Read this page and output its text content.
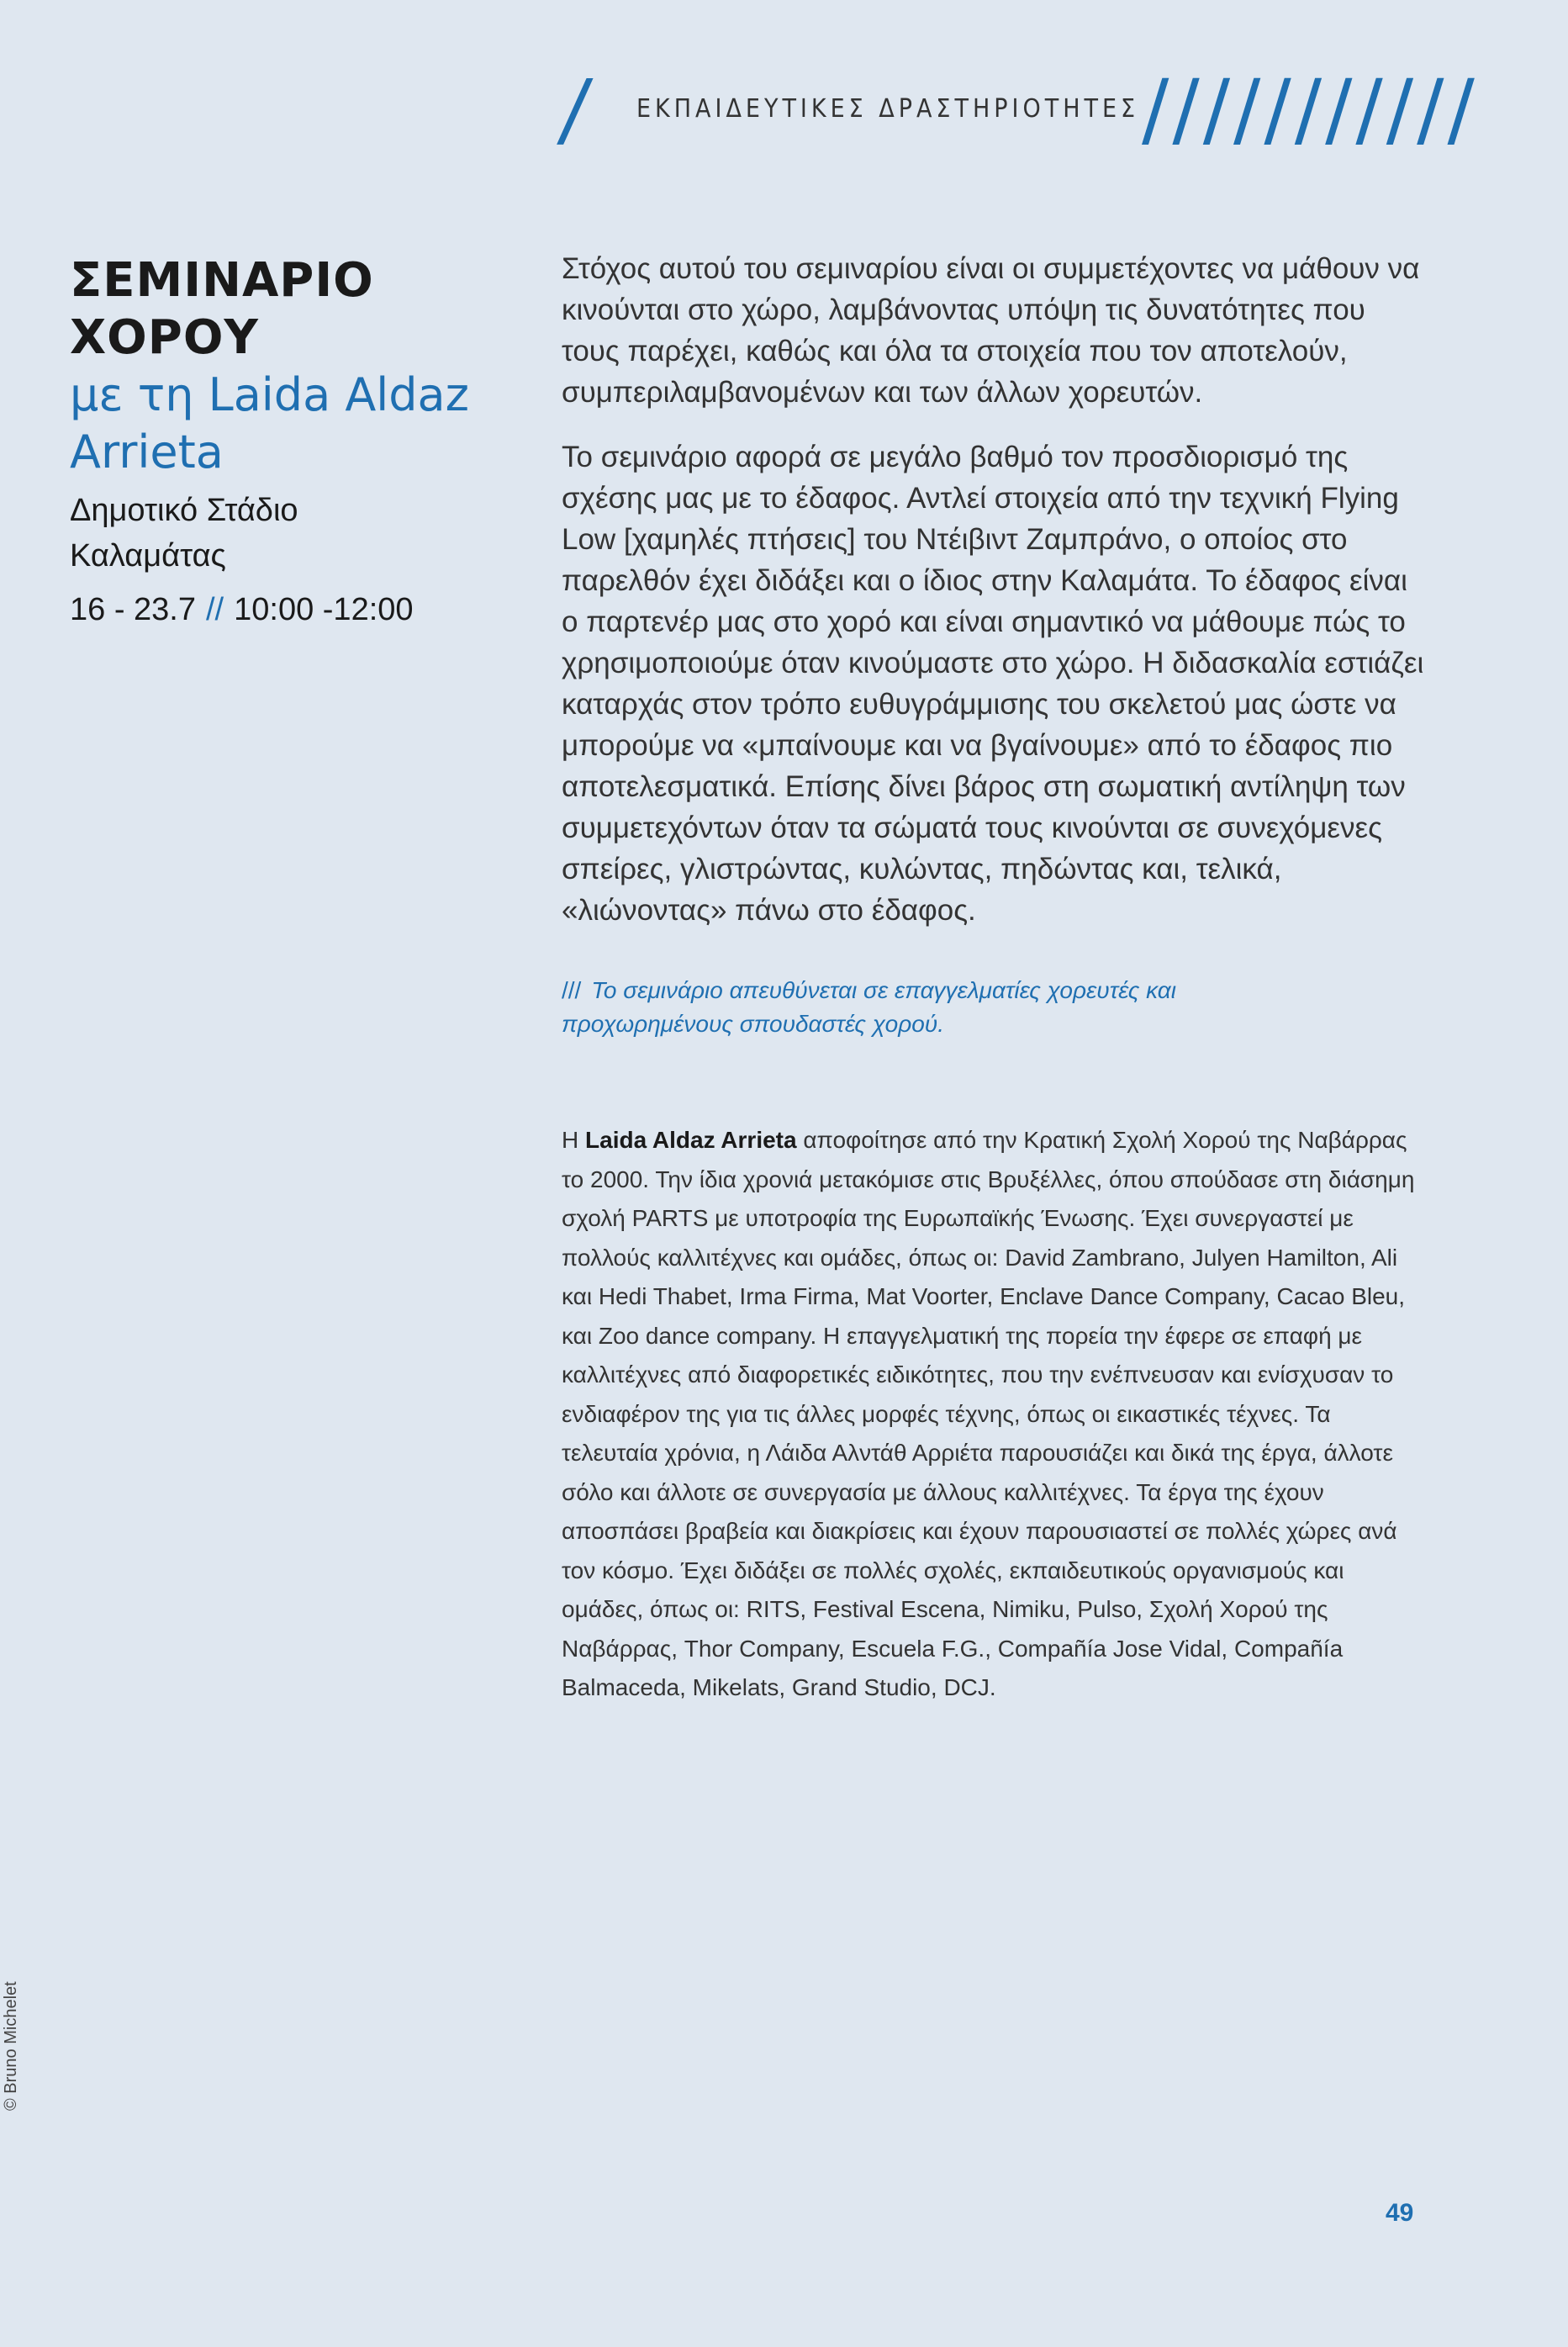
/ ΕΚΠΑΙΔΕΥΤΙΚΕΣ ΔΡΑΣΤΗΡΙΟΤΗΤΕΣ ///////////
ΣΕΜΙΝΑΡΙΟ ΧΟΡΟΥ
με τη Laida Aldaz Arrieta
Δημοτικό Στάδιο Καλαμάτας
16 - 23.7 // 10:00 -12:00

Στόχος αυτού του σεμιναρίου είναι οι συμμετέχοντες να μάθουν να κινούνται στο χώρο, λαμβάνοντας υπόψη τις δυνατότητες που τους παρέχει, καθώς και όλα τα στοιχεία που τον αποτελούν, συμπεριλαμβανομένων και των άλλων χορευτών.

Το σεμινάριο αφορά σε μεγάλο βαθμό τον προσδιορισμό της σχέσης μας με το έδαφος. Αντλεί στοιχεία από την τεχνική Flying Low [χαμηλές πτήσεις] του Ντέιβιντ Ζαμπράνο, ο οποίος στο παρελθόν έχει διδάξει και ο ίδιος στην Καλαμάτα. Το έδαφος είναι ο παρτενέρ μας στο χορό και είναι σημαντικό να μάθουμε πώς το χρησιμοποιούμε όταν κινούμαστε στο χώρο. Η διδασκαλία εστιάζει καταρχάς στον τρόπο ευθυγράμμισης του σκελετού μας ώστε να μπορούμε να «μπαίνουμε και να βγαίνουμε» από το έδαφος πιο αποτελεσματικά. Επίσης δίνει βάρος στη σωματική αντίληψη των συμμετεχόντων όταν τα σώματά τους κινούνται σε συνεχόμενες σπείρες, γλιστρώντας, κυλώντας, πηδώντας και, τελικά, «λιώνοντας» πάνω στο έδαφος.

/// Το σεμινάριο απευθύνεται σε επαγγελματίες χορευτές και προχωρημένους σπουδαστές χορού.
Η Laida Aldaz Arrieta αποφοίτησε από την Κρατική Σχολή Χορού της Ναβάρρας το 2000. Την ίδια χρονιά μετακόμισε στις Βρυξέλλες, όπου σπούδασε στη διάσημη σχολή PARTS με υποτροφία της Ευρωπαϊκής Ένωσης. Έχει συνεργαστεί με πολλούς καλλιτέχνες και ομάδες, όπως οι: David Zambrano, Julyen Hamilton, Ali και Hedi Thabet, Irma Firma, Mat Voorter, Enclave Dance Company, Cacao Bleu, και Zoo dance company. Η επαγγελματική της πορεία την έφερε σε επαφή με καλλιτέχνες από διαφορετικές ειδικότητες, που την ενέπνευσαν και ενίσχυσαν το ενδιαφέρον της για τις άλλες μορφές τέχνης, όπως οι εικαστικές τέχνες. Τα τελευταία χρόνια, η Λάιδα Αλντάθ Αρριέτα παρουσιάζει και δικά της έργα, άλλοτε σόλο και άλλοτε σε συνεργασία με άλλους καλλιτέχνες. Τα έργα της έχουν αποσπάσει βραβεία και διακρίσεις και έχουν παρουσιαστεί σε πολλές χώρες ανά τον κόσμο. Έχει διδάξει σε πολλές σχολές, εκπαιδευτικούς οργανισμούς και ομάδες, όπως οι: RITS, Festival Escena, Nimiku, Pulso, Σχολή Χορού της Ναβάρρας, Thor Company, Escuela F.G., Compañía Jose Vidal, Compañía Balmaceda, Mikelats, Grand Studio, DCJ.
© Bruno Michelet
49
